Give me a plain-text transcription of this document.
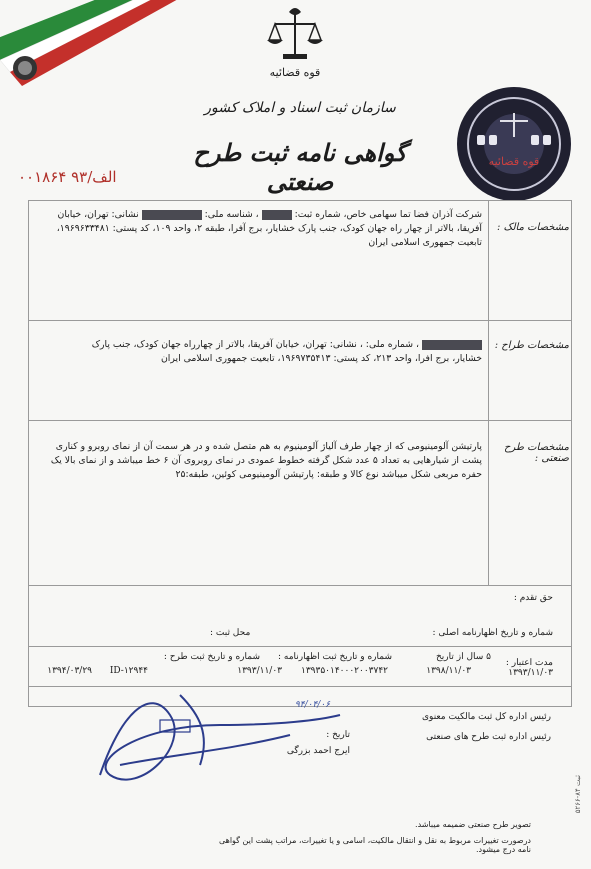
قوه قضائیه
سازمان ثبت اسناد و املاک کشور
گواهی نامه ثبت طرح صنعتی
الف/۹۳ ۰۰۱۸۶۴
قوه قضائیه
مشخصات مالک :
شرکت آذران فضا تما سهامی خاص، شماره ثبت:  ، شناسه ملی:  نشانی: تهران، خیابان
آفریقا، بالاتر از چهار راه جهان کودک، جنب پارک خشایار، برج آفرا، طبقه ۲، واحد ۱۰۹، کد پستی: ۱۹۶۹۶۳۳۴۸۱،
تابعیت جمهوری اسلامی ایران
مشخصات طراح :
، شماره ملی: ، نشانی: تهران، خیابان آفریقا، بالاتر از چهارراه جهان کودک، جنب پارک
خشایار، برج افرا، واحد ۲۱۳، کد پستی: ۱۹۶۹۷۳۵۴۱۳، تابعیت جمهوری اسلامی ایران
مشخصات طرح صنعتی :
پارتیشن آلومینیومی که از چهار طرف آلیاژ آلومینیوم به هم متصل شده و در هر سمت آن از نمای روبرو و کناری
پشت از شیارهایی به تعداد ۵ عدد شکل گرفته خطوط عمودی در نمای روبروی آن ۶ خط میباشد و از نمای بالا یک
حفره مربعی شکل میباشد نوع کالا و طبقه: پارتیشن آلومینیومی کوئین، طبقه:۲۵
حق تقدم :
شماره و تاریخ اظهارنامه اصلی :
محل ثبت :
مدت اعتبار :
۵ سال از تاریخ
۱۳۹۸/۱۱/۰۳	۱۳۹۳/۱۱/۰۳
شماره و تاریخ ثبت اظهارنامه :
۱۳۹۳۵۰۱۴۰۰۰۲۰۰۳۷۴۲
۱۳۹۳/۱۱/۰۳
شماره و تاریخ ثبت طرح :
ID-۱۲۹۴۴
۱۳۹۴/۰۳/۲۹
رئیس اداره کل ثبت مالکیت معنوی
رئیس اداره ثبت طرح های صنعتی
تاریخ :
۹۴/۰۴/۰۶
ایرج احمد بزرگی
تصویر طرح صنعتی ضمیمه میباشد.
درصورت تغییرات مربوط به نقل و انتقال مالکیت، اسامی و یا تغییرات، مراتب پشت این گواهی نامه درج میشود.
ثبت ۸۴-۵۲۶۶
